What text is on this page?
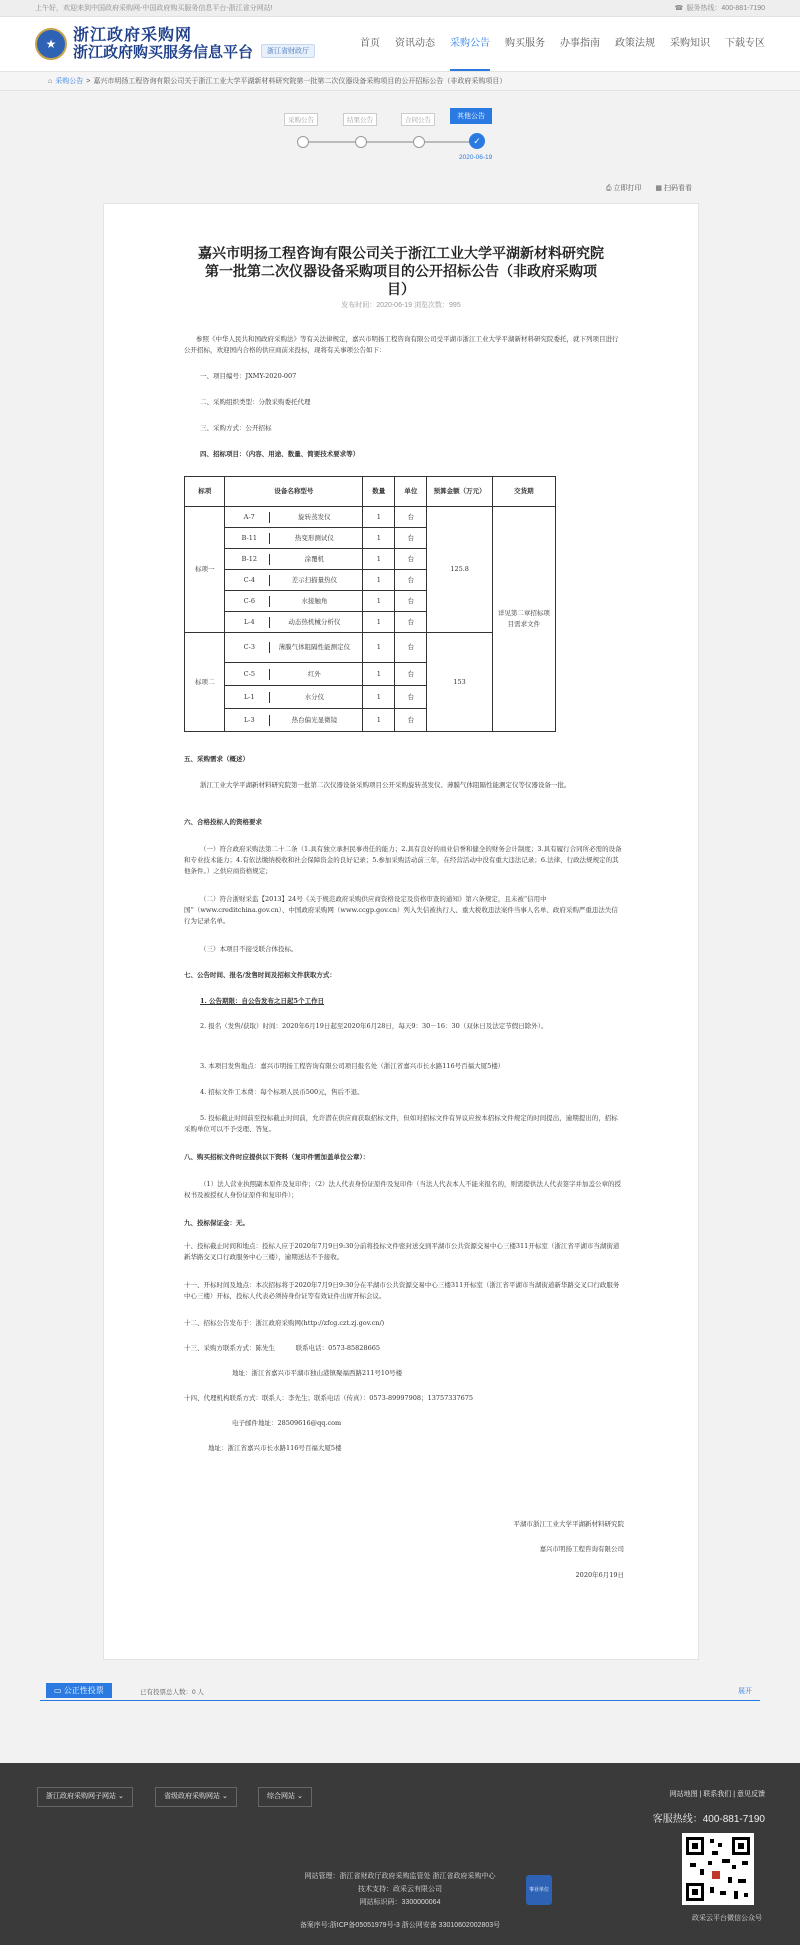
上午好，欢迎来到中国政府采购网-中国政府购买服务信息平台-浙江省分网站!	☎ 服务热线：400-881-7190
★	浙江政府采购网
浙江政府购买服务信息平台	浙江省财政厅
首页 资讯动态 采购公告 购买服务 办事指南 政策法规 采购知识 下载专区
⌂ 采购公告 > 嘉兴市明扬工程咨询有限公司关于浙江工业大学平湖新材料研究院第一批第二次仪器设备采购项目的公开招标公告（非政府采购项目）
采购公告	结果公告	合同公告
其他公告
✓
2020-06-19
⎙ 立即打印 ▦ 扫码看看
嘉兴市明扬工程咨询有限公司关于浙江工业大学平湖新材料研究院
第一批第二次仪器设备采购项目的公开招标公告（非政府采购项
目）
发布时间：2020-06-19 浏览次数：995
参照《中华人民共和国政府采购法》等有关法律规定，嘉兴市明扬工程咨询有限公司受平湖市浙江工业大学平湖新材料研究院委托，就下列项目进行公开招标，欢迎国内合格的供应商前来投标，现将有关事项公告如下：
一、项目编号：JXMY-2020-007
二、采购组织类型：分散采购委托代理
三、采购方式：公开招标
四、招标项目：（内容、用途、数量、简要技术要求等）
标项	设备名称型号	数量	单位	预算金额（万元）	交货期
标项一	A-7 旋转蒸发仪	1	台	125.8	详见第二章招标项目需求文件
	B-11 热变形测试仪	1	台		
	B-12 涂覆机	1	台		
	C-4 差示扫描量热仪	1	台		
	C-6 水接触角	1	台		
	L-4 动态热机械分析仪	1	台		
标项二	C-3 薄膜气体阻隔性能测定仪	1	台	153	
	C-5 红外	1	台		
	L-1 水分仪	1	台		
	L-3 热台偏光显微镜	1	台		
五、采购需求（概述）
浙江工业大学平湖新材料研究院第一批第二次仪器设备采购项目公开采购旋转蒸发仪、薄膜气体阻隔性能测定仪等仪器设备一批。
六、合格投标人的资格要求
（一）符合政府采购法第二十二条（1.具有独立承担民事责任的能力；2.具有良好的商业信誉和健全的财务会计制度；3.具有履行合同所必需的设备和专业技术能力；4.有依法缴纳税收和社会保障资金的良好记录；5.参加采购活动前三年，在经营活动中没有重大违法记录；6.法律、行政法规规定的其他条件。）之供应商资格规定；
（二）符合浙财采监【2013】24号《关于规范政府采购供应商资格设定及资格审查的通知》第六条规定，且未被“信用中国”（www.creditchina.gov.cn）、中国政府采购网（www.ccgp.gov.cn）列入失信被执行人、重大税收违法案件当事人名单、政府采购严重违法失信行为记录名单。
（三）本项目不接受联合体投标。
七、公告时间、报名/发售时间及招标文件获取方式：
1. 公告期限：自公告发布之日起5个工作日
2. 报名（发售/获取）时间：2020年6月19日起至2020年6月28日，每天9：30－16：30（双休日及法定节假日除外）。
3. 本项目发售地点：嘉兴市明扬工程咨询有限公司项目报名处（浙江省嘉兴市长水路116号百福大厦5楼）
4. 招标文件工本费：每个标项人民币500元，售后不退。
5. 投标截止时间前至投标截止时间前，允许潜在供应商获取招标文件，但如对招标文件有异议应按本招标文件规定的时间提出，逾期提出的，招标采购单位可以不予受理、答复。
八、购买招标文件时应提供以下资料（复印件需加盖单位公章）：
（1）法人营业执照副本原件及复印件；（2）法人代表身份证原件及复印件（当法人代表本人不能来报名的，则需提供法人代表签字并加盖公章的授权书及被授权人身份证原件和复印件）；
九、投标保证金：无。
十、投标截止时间和地点：投标人应于2020年7月9日9:30分前将投标文件密封送交到平湖市公共资源交易中心三楼311开标室（浙江省平湖市当湖街道新华路交叉口行政服务中心三楼），逾期送达不予接收。
十一、开标时间及地点：本次招标将于2020年7月9日9:30分在平湖市公共资源交易中心三楼311开标室（浙江省平湖市当湖街道新华路交叉口行政服务中心三楼）开标，投标人代表必须持身份证等有效证件出席开标会议。
十二、招标公告发布于：浙江政府采购网(http://zfcg.czt.zj.gov.cn/)
十三、采购方联系方式：陈先生          联系电话：0573-85828665
地址：浙江省嘉兴市平湖市独山港镇聚福西路211号10号楼
十四、代理机构联系方式：联系人：李先生；联系电话（传真）：0573-89997908；13757337675
电子邮件地址：28509616@qq.com
地址：浙江省嘉兴市长水路116号百福大厦5楼
平湖市浙江工业大学平湖新材料研究院
嘉兴市明扬工程咨询有限公司
2020年6月19日
▭ 公正性投票	已有投票总人数：0 人	展开
浙江政府采购网子网站 ⌄	省级政府采购网站 ⌄	综合网站 ⌄	网站地图 | 联系我们 | 意见反馈
客服热线：400-881-7190
政采云平台微信公众号
网站管理：浙江省财政厅政府采购监管处 浙江省政府采购中心
技术支持：政采云有限公司
网站标识码：3300000064
备案序号:浙ICP备05051979号-3 浙公网安备 33010602002803号
事业单位
